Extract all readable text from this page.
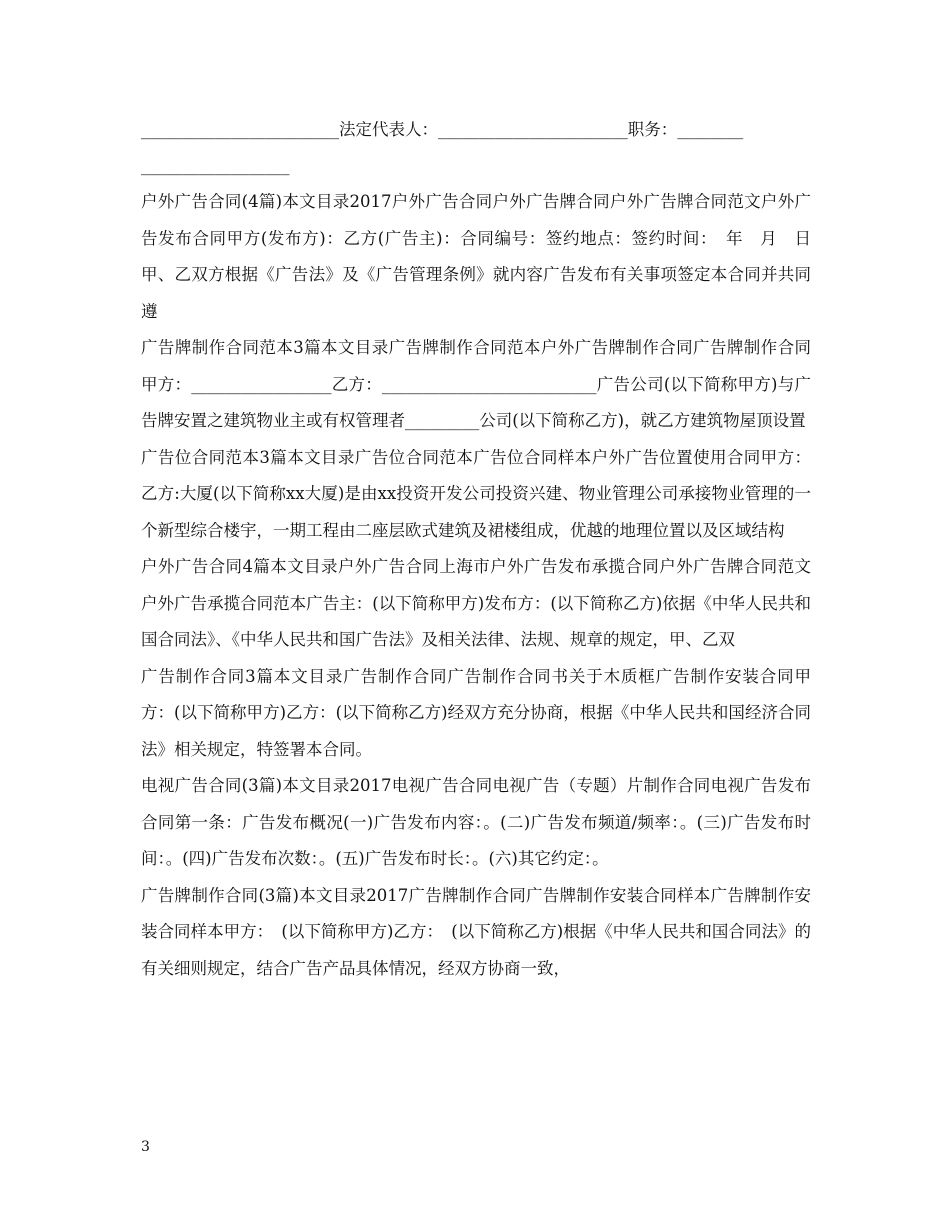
________________________法定代表人：_______________________职务：________
__________________

户外广告合同(4篇)本文目录2017户外广告合同户外广告牌合同户外广告牌合同范文户外广告发布合同甲方(发布方)：乙方(广告主)：合同编号：签约地点：签约时间：　年　月　日甲、乙双方根据《广告法》及《广告管理条例》就内容广告发布有关事项签定本合同并共同遵

广告牌制作合同范本3篇本文目录广告牌制作合同范本户外广告牌制作合同广告牌制作合同甲方：_________________乙方：__________________________广告公司(以下简称甲方)与广告牌安置之建筑物业主或有权管理者_________公司(以下简称乙方)，就乙方建筑物屋顶设置

广告位合同范本3篇本文目录广告位合同范本广告位合同样本户外广告位置使用合同甲方：乙方:大厦(以下简称xx大厦)是由xx投资开发公司投资兴建、物业管理公司承接物业管理的一个新型综合楼宇，一期工程由二座层欧式建筑及裙楼组成，优越的地理位置以及区域结构

户外广告合同4篇本文目录户外广告合同上海市户外广告发布承揽合同户外广告牌合同范文户外广告承揽合同范本广告主：(以下简称甲方)发布方：(以下简称乙方)依据《中华人民共和国合同法》、《中华人民共和国广告法》及相关法律、法规、规章的规定，甲、乙双

广告制作合同3篇本文目录广告制作合同广告制作合同书关于木质框广告制作安装合同甲方：(以下简称甲方)乙方：(以下简称乙方)经双方充分协商，根据《中华人民共和国经济合同法》相关规定，特签署本合同。

电视广告合同(3篇)本文目录2017电视广告合同电视广告（专题）片制作合同电视广告发布合同第一条：广告发布概况(一)广告发布内容：。(二)广告发布频道/频率：。(三)广告发布时间：。(四)广告发布次数：。(五)广告发布时长：。(六)其它约定：。

广告牌制作合同(3篇)本文目录2017广告牌制作合同广告牌制作安装合同样本广告牌制作安装合同样本甲方：　(以下简称甲方)乙方：　(以下简称乙方)根据《中华人民共和国合同法》的有关细则规定，结合广告产品具体情况，经双方协商一致，

3
